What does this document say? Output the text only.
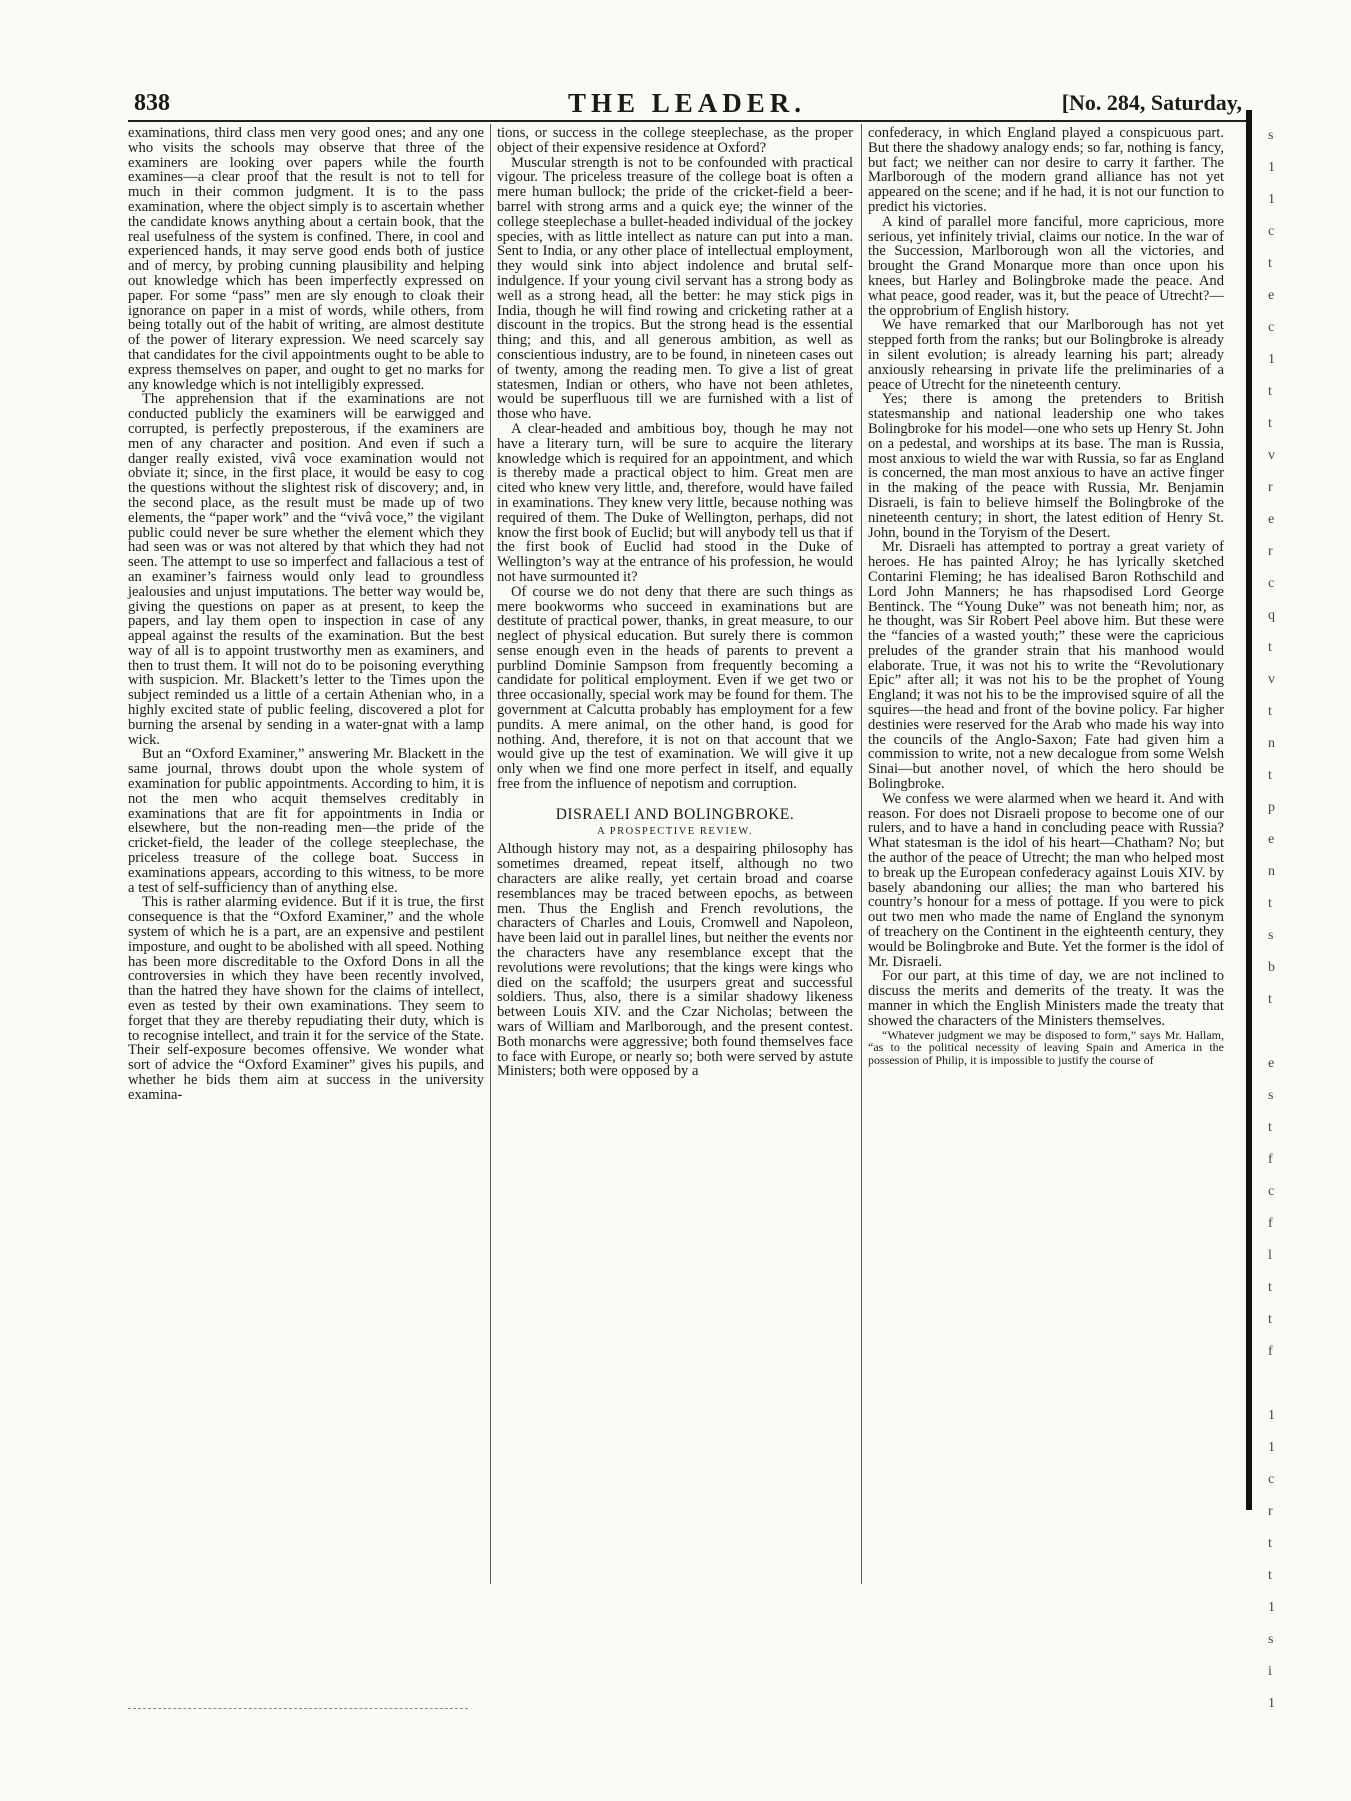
838	THE LEADER.	[No. 284, Saturday,

examinations, third class men very good ones; and any one who visits the schools may observe that three of the examiners are looking over papers while the fourth examines—a clear proof that the result is not to tell for much in their common judgment. It is to the pass examination, where the object simply is to ascertain whether the candidate knows anything about a certain book, that the real usefulness of the system is confined. There, in cool and experienced hands, it may serve good ends both of justice and of mercy, by probing cunning plausibility and helping out knowledge which has been imperfectly expressed on paper. For some “pass” men are sly enough to cloak their ignorance on paper in a mist of words, while others, from being totally out of the habit of writing, are almost destitute of the power of literary expression. We need scarcely say that candidates for the civil appointments ought to be able to express themselves on paper, and ought to get no marks for any knowledge which is not intelligibly expressed.

The apprehension that if the examinations are not conducted publicly the examiners will be earwigged and corrupted, is perfectly preposterous, if the examiners are men of any character and position. And even if such a danger really existed, vivâ voce examination would not obviate it; since, in the first place, it would be easy to cog the questions without the slightest risk of discovery; and, in the second place, as the result must be made up of two elements, the “paper work” and the “vivâ voce,” the vigilant public could never be sure whether the element which they had seen was or was not altered by that which they had not seen. The attempt to use so imperfect and fallacious a test of an examiner’s fairness would only lead to groundless jealousies and unjust imputations. The better way would be, giving the questions on paper as at present, to keep the papers, and lay them open to inspection in case of any appeal against the results of the examination. But the best way of all is to appoint trustworthy men as examiners, and then to trust them. It will not do to be poisoning everything with suspicion. Mr. Blackett’s letter to the Times upon the subject reminded us a little of a certain Athenian who, in a highly excited state of public feeling, discovered a plot for burning the arsenal by sending in a water-gnat with a lamp wick.

But an “Oxford Examiner,” answering Mr. Blackett in the same journal, throws doubt upon the whole system of examination for public appointments. According to him, it is not the men who acquit themselves creditably in examinations that are fit for appointments in India or elsewhere, but the non-reading men—the pride of the cricket-field, the leader of the college steeplechase, the priceless treasure of the college boat. Success in examinations appears, according to this witness, to be more a test of self-sufficiency than of anything else.

This is rather alarming evidence. But if it is true, the first consequence is that the “Oxford Examiner,” and the whole system of which he is a part, are an expensive and pestilent imposture, and ought to be abolished with all speed. Nothing has been more discreditable to the Oxford Dons in all the controversies in which they have been recently involved, than the hatred they have shown for the claims of intellect, even as tested by their own examinations. They seem to forget that they are thereby repudiating their duty, which is to recognise intellect, and train it for the service of the State. Their self-exposure becomes offensive. We wonder what sort of advice the “Oxford Examiner” gives his pupils, and whether he bids them aim at success in the university examina-

tions, or success in the college steeplechase, as the proper object of their expensive residence at Oxford?

Muscular strength is not to be confounded with practical vigour. The priceless treasure of the college boat is often a mere human bullock; the pride of the cricket-field a beer-barrel with strong arms and a quick eye; the winner of the college steeplechase a bullet-headed individual of the jockey species, with as little intellect as nature can put into a man. Sent to India, or any other place of intellectual employment, they would sink into abject indolence and brutal self-indulgence. If your young civil servant has a strong body as well as a strong head, all the better: he may stick pigs in India, though he will find rowing and cricketing rather at a discount in the tropics. But the strong head is the essential thing; and this, and all generous ambition, as well as conscientious industry, are to be found, in nineteen cases out of twenty, among the reading men. To give a list of great statesmen, Indian or others, who have not been athletes, would be superfluous till we are furnished with a list of those who have.

A clear-headed and ambitious boy, though he may not have a literary turn, will be sure to acquire the literary knowledge which is required for an appointment, and which is thereby made a practical object to him. Great men are cited who knew very little, and, therefore, would have failed in examinations. They knew very little, because nothing was required of them. The Duke of Wellington, perhaps, did not know the first book of Euclid; but will anybody tell us that if the first book of Euclid had stood in the Duke of Wellington’s way at the entrance of his profession, he would not have surmounted it?

Of course we do not deny that there are such things as mere bookworms who succeed in examinations but are destitute of practical power, thanks, in great measure, to our neglect of physical education. But surely there is common sense enough even in the heads of parents to prevent a purblind Dominie Sampson from frequently becoming a candidate for political employment. Even if we get two or three occasionally, special work may be found for them. The government at Calcutta probably has employment for a few pundits. A mere animal, on the other hand, is good for nothing. And, therefore, it is not on that account that we would give up the test of examination. We will give it up only when we find one more perfect in itself, and equally free from the influence of nepotism and corruption.

DISRAELI AND BOLINGBROKE.
A PROSPECTIVE REVIEW.

Although history may not, as a despairing philosophy has sometimes dreamed, repeat itself, although no two characters are alike really, yet certain broad and coarse resemblances may be traced between epochs, as between men. Thus the English and French revolutions, the characters of Charles and Louis, Cromwell and Napoleon, have been laid out in parallel lines, but neither the events nor the characters have any resemblance except that the revolutions were revolutions; that the kings were kings who died on the scaffold; the usurpers great and successful soldiers. Thus, also, there is a similar shadowy likeness between Louis XIV. and the Czar Nicholas; between the wars of William and Marlborough, and the present contest. Both monarchs were aggressive; both found themselves face to face with Europe, or nearly so; both were served by astute Ministers; both were opposed by a

confederacy, in which England played a conspicuous part. But there the shadowy analogy ends; so far, nothing is fancy, but fact; we neither can nor desire to carry it farther. The Marlborough of the modern grand alliance has not yet appeared on the scene; and if he had, it is not our function to predict his victories.

A kind of parallel more fanciful, more capricious, more serious, yet infinitely trivial, claims our notice. In the war of the Succession, Marlborough won all the victories, and brought the Grand Monarque more than once upon his knees, but Harley and Bolingbroke made the peace. And what peace, good reader, was it, but the peace of Utrecht?—the opprobrium of English history.

We have remarked that our Marlborough has not yet stepped forth from the ranks; but our Bolingbroke is already in silent evolution; is already learning his part; already anxiously rehearsing in private life the preliminaries of a peace of Utrecht for the nineteenth century.

Yes; there is among the pretenders to British statesmanship and national leadership one who takes Bolingbroke for his model—one who sets up Henry St. John on a pedestal, and worships at its base. The man is Russia, most anxious to wield the war with Russia, so far as England is concerned, the man most anxious to have an active finger in the making of the peace with Russia, Mr. Benjamin Disraeli, is fain to believe himself the Bolingbroke of the nineteenth century; in short, the latest edition of Henry St. John, bound in the Toryism of the Desert.

Mr. Disraeli has attempted to portray a great variety of heroes. He has painted Alroy; he has lyrically sketched Contarini Fleming; he has idealised Baron Rothschild and Lord John Manners; he has rhapsodised Lord George Bentinck. The “Young Duke” was not beneath him; nor, as he thought, was Sir Robert Peel above him. But these were the “fancies of a wasted youth;” these were the capricious preludes of the grander strain that his manhood would elaborate. True, it was not his to write the “Revolutionary Epic” after all; it was not his to be the prophet of Young England; it was not his to be the improvised squire of all the squires—the head and front of the bovine policy. Far higher destinies were reserved for the Arab who made his way into the councils of the Anglo-Saxon; Fate had given him a commission to write, not a new decalogue from some Welsh Sinai—but another novel, of which the hero should be Bolingbroke.

We confess we were alarmed when we heard it. And with reason. For does not Disraeli propose to become one of our rulers, and to have a hand in concluding peace with Russia? What statesman is the idol of his heart—Chatham? No; but the author of the peace of Utrecht; the man who helped most to break up the European confederacy against Louis XIV. by basely abandoning our allies; the man who bartered his country’s honour for a mess of pottage. If you were to pick out two men who made the name of England the synonym of treachery on the Continent in the eighteenth century, they would be Bolingbroke and Bute. Yet the former is the idol of Mr. Disraeli.

For our part, at this time of day, we are not inclined to discuss the merits and demerits of the treaty. It was the manner in which the English Ministers made the treaty that showed the characters of the Ministers themselves.

“Whatever judgment we may be disposed to form,” says Mr. Hallam, “as to the political necessity of leaving Spain and America in the possession of Philip, it is impossible to justify the course of

s
1
1
c
t
e
c
1
t
t
v
r
e
r
c
q
t
v
t
n
t
p
e
n
t
s
b
t

e
s
t
f
c
f
l
t
t
f

1
1
c
r
t
t
1
s
i
1
